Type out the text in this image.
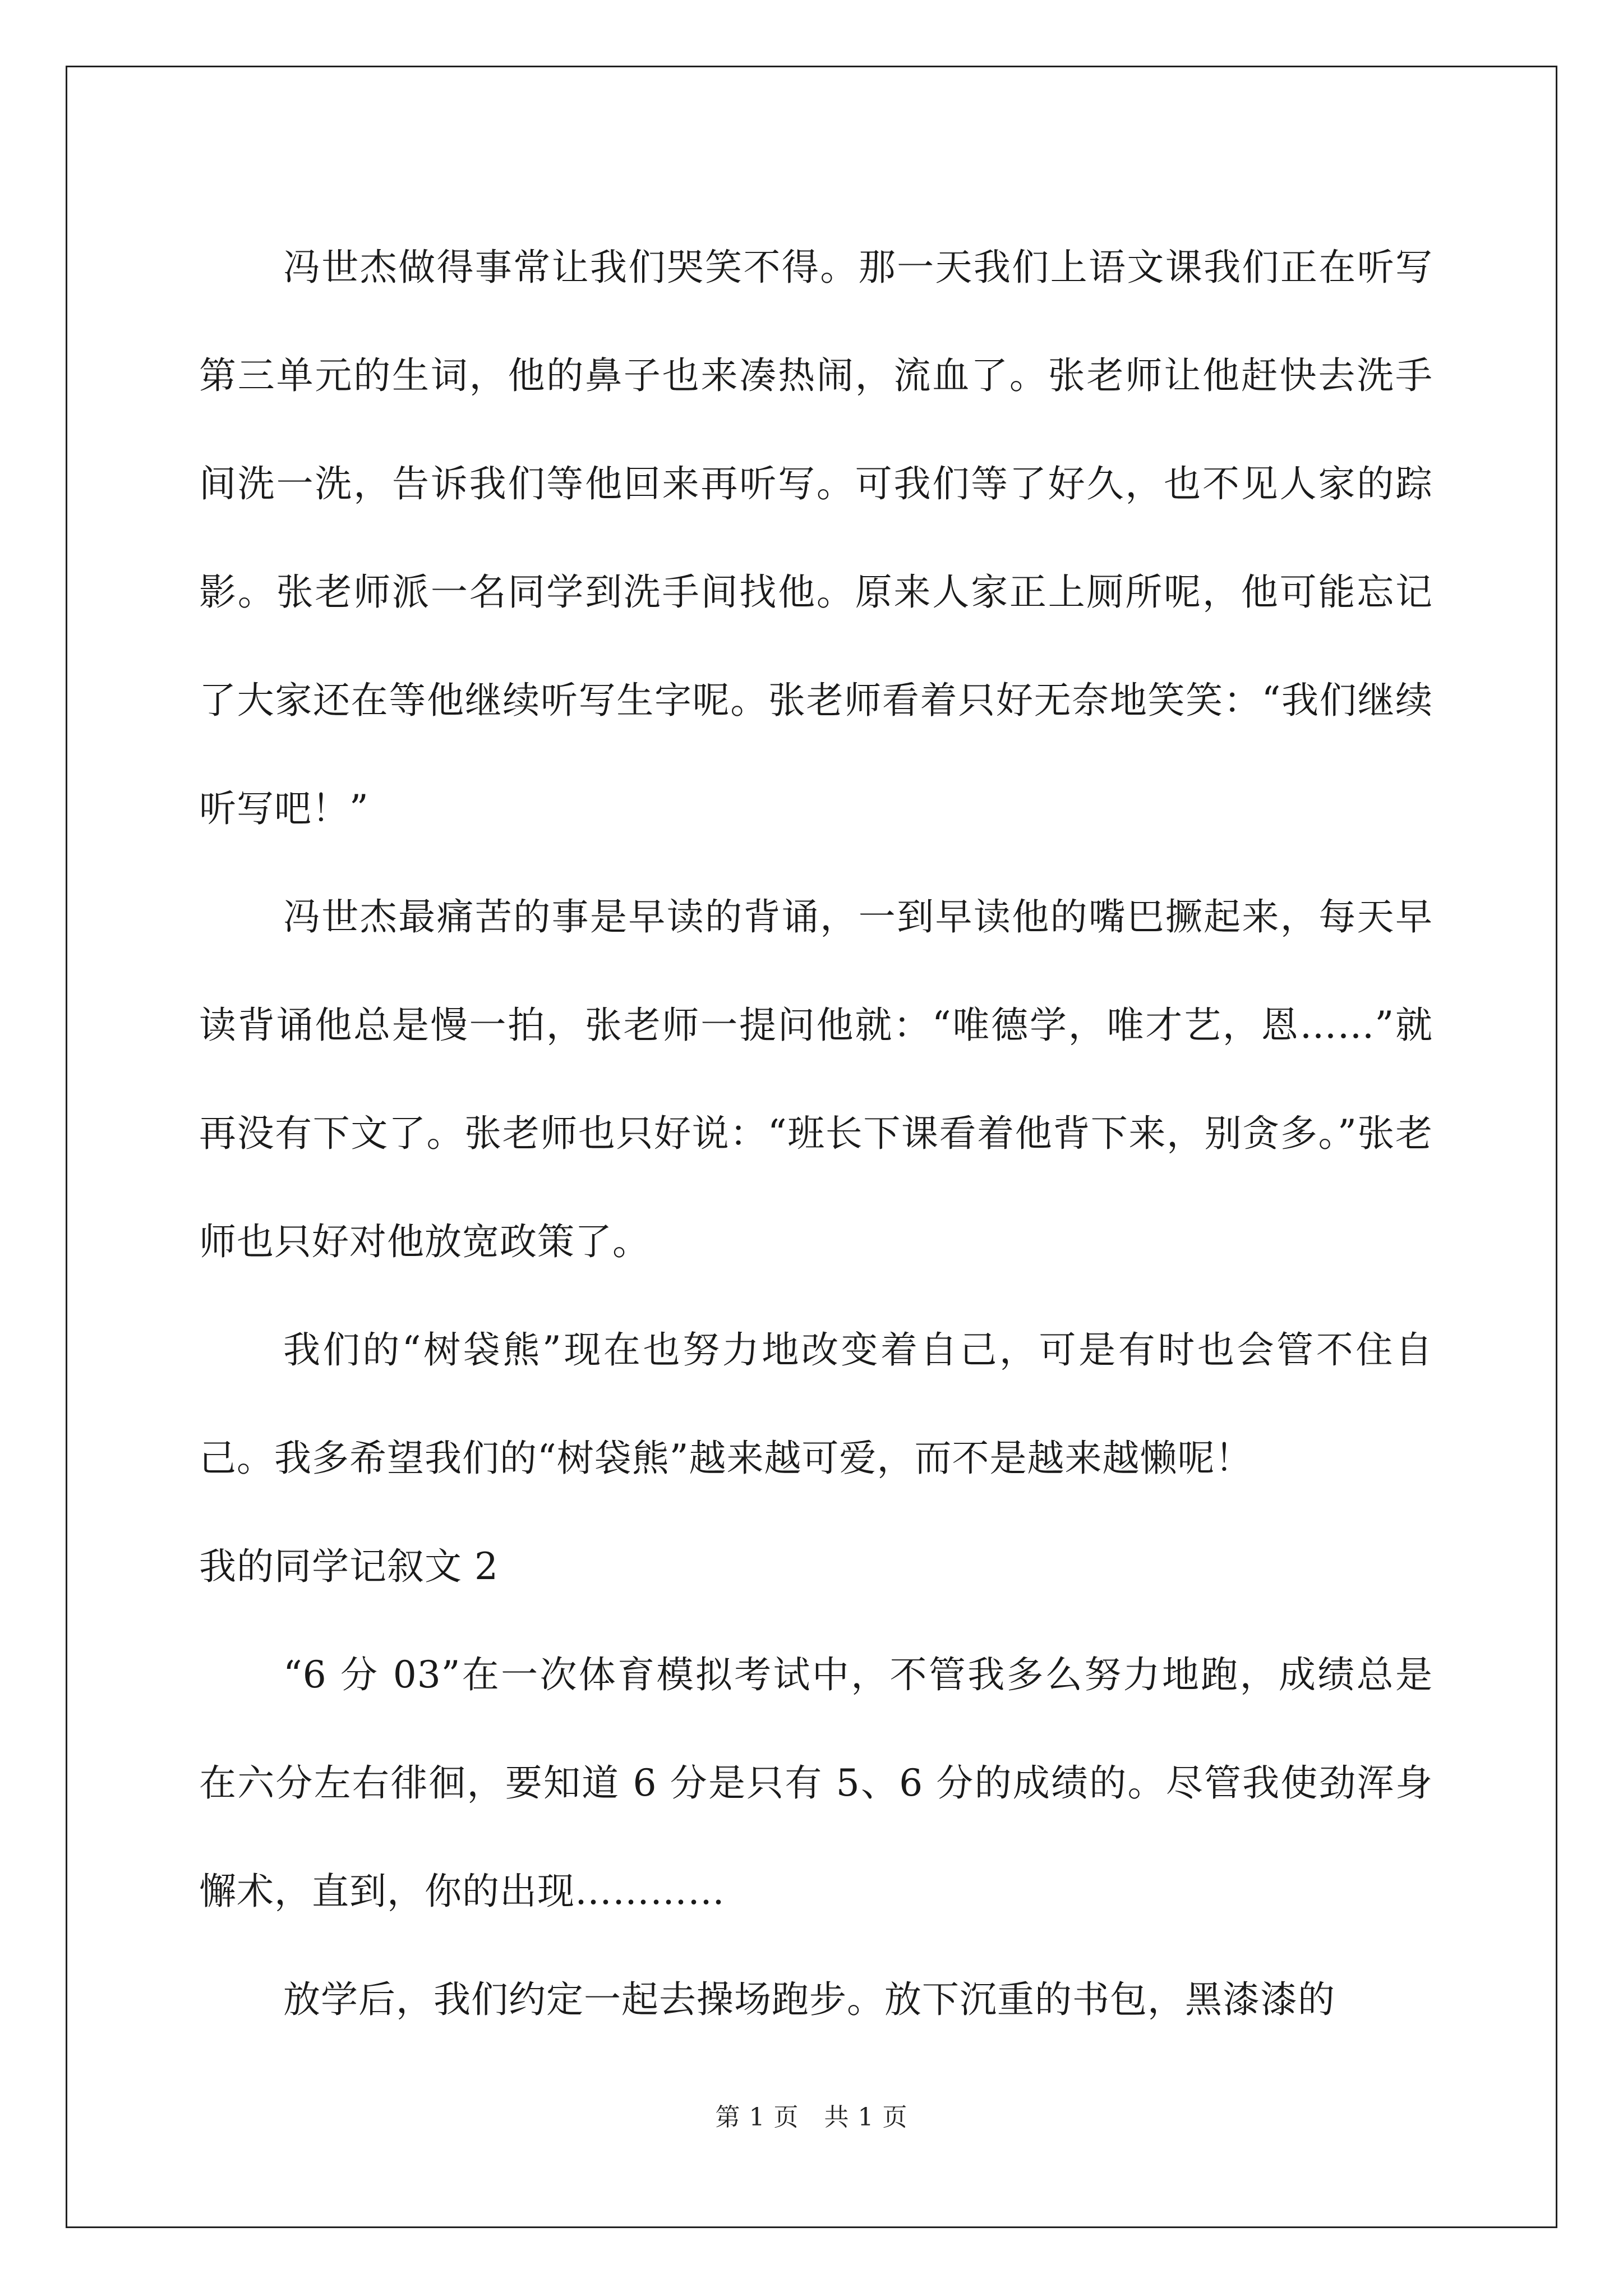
冯世杰做得事常让我们哭笑不得。那一天我们上语文课我们正在听写第三单元的生词，他的鼻子也来凑热闹，流血了。张老师让他赶快去洗手间洗一洗，告诉我们等他回来再听写。可我们等了好久，也不见人家的踪影。张老师派一名同学到洗手间找他。原来人家正上厕所呢，他可能忘记了大家还在等他继续听写生字呢。张老师看着只好无奈地笑笑：“我们继续听写吧！”

冯世杰最痛苦的事是早读的背诵，一到早读他的嘴巴撅起来，每天早读背诵他总是慢一拍，张老师一提问他就：“唯德学，唯才艺，恩……”就再没有下文了。张老师也只好说：“班长下课看着他背下来，别贪多。”张老师也只好对他放宽政策了。

我们的“树袋熊”现在也努力地改变着自己，可是有时也会管不住自己。我多希望我们的“树袋熊”越来越可爱，而不是越来越懒呢！

我的同学记叙文 2

“6 分 03”在一次体育模拟考试中，不管我多么努力地跑，成绩总是在六分左右徘徊，要知道 6 分是只有 5、6 分的成绩的。尽管我使劲浑身懈术，直到，你的出现…………

放学后，我们约定一起去操场跑步。放下沉重的书包，黑漆漆的

第 1 页　共 1 页
